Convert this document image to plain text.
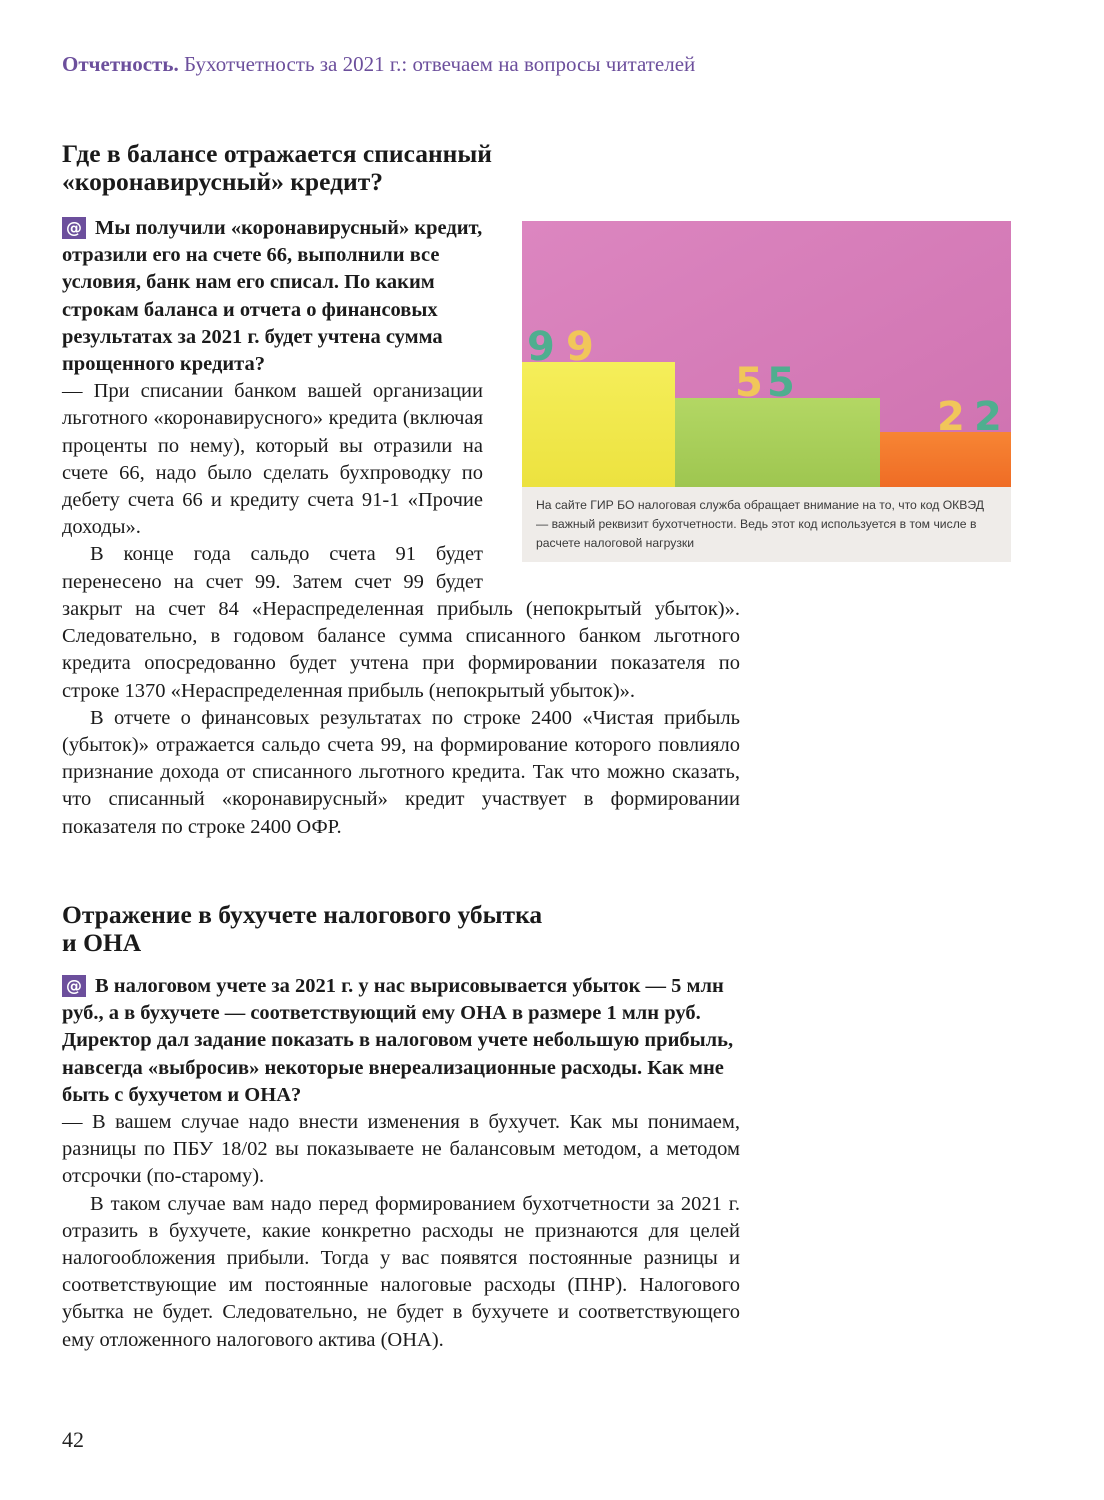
Отчетность. Бухотчетность за 2021 г.: отвечаем на вопросы читателей
Где в балансе отражается списанный
«коронавирусный» кредит?

@ Мы получили «коронавирусный» кредит, отразили его на счете 66, выполнили все условия, банк нам его списал. По каким строкам баланса и отчета о финансовых результатах за 2021 г. будет учтена сумма прощенного кредита?

— При списании банком вашей организации льготного «коронавирусного» кредита (включая проценты по нему), который вы отразили на счете 66, надо было сделать бухпроводку по дебету счета 66 и кредиту счета 91-1 «Прочие доходы».

В конце года сальдо счета 91 будет перенесено на счет 99. Затем счет 99 будет

закрыт на счет 84 «Нераспределенная прибыль (непокрытый убыток)». Следовательно, в годовом балансе сумма списанного банком льготного кредита опосредованно будет учтена при формировании показателя по строке 1370 «Нераспределенная прибыль (непокрытый убыток)».

В отчете о финансовых результатах по строке 2400 «Чистая прибыль (убыток)» отражается сальдо счета 99, на формирование которого повлияло признание дохода от списанного льготного кредита. Так что можно сказать, что списанный «коронавирусный» кредит участвует в формировании показателя по строке 2400 ОФР.

9 9
5 5
2 2
На сайте ГИР БО налоговая служба обращает внимание на то, что код ОКВЭД — важный реквизит бухотчетности. Ведь этот код используется в том числе в расчете налоговой нагрузки
Отражение в бухучете налогового убытка
и ОНА

@ В налоговом учете за 2021 г. у нас вырисовывается убыток — 5 млн руб., а в бухучете — соответствующий ему ОНА в размере 1 млн руб. Директор дал задание показать в налоговом учете небольшую прибыль, навсегда «выбросив» некоторые внереализационные расходы. Как мне быть с бухучетом и ОНА?

— В вашем случае надо внести изменения в бухучет. Как мы понимаем, разницы по ПБУ 18/02 вы показываете не балансовым методом, а методом отсрочки (по-старому).

В таком случае вам надо перед формированием бухотчетности за 2021 г. отразить в бухучете, какие конкретно расходы не признаются для целей налогообложения прибыли. Тогда у вас появятся постоянные разницы и соответствующие им постоянные налоговые расходы (ПНР). Налогового убытка не будет. Следовательно, не будет в бухучете и соответствующего ему отложенного налогового актива (ОНА).

42
